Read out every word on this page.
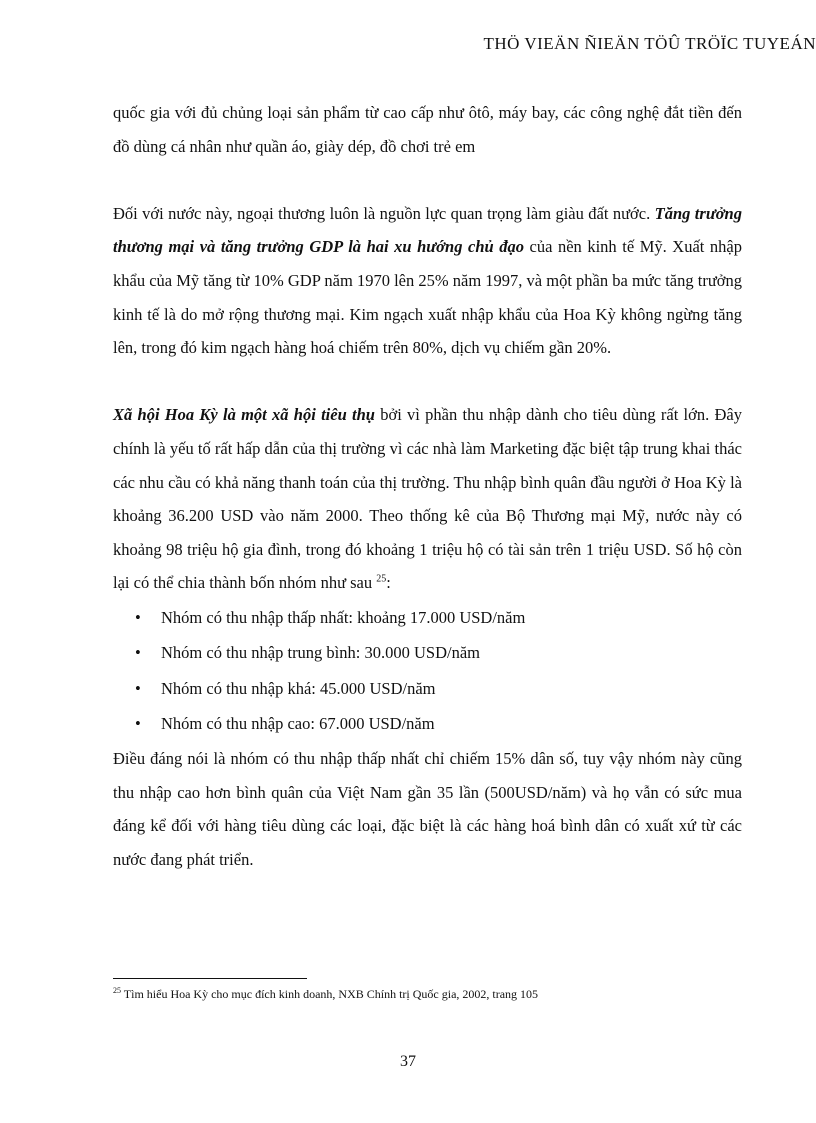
THÖ VIEÄN ÑIEÄN TÖÛ TRÖÏC TUYEÁN

quốc gia với đủ chủng loại sản phẩm từ cao cấp như ôtô, máy bay, các công nghệ đắt tiền đến đồ dùng cá nhân như quần áo, giày dép, đồ chơi trẻ em

Đối với nước này, ngoại thương luôn là nguồn lực quan trọng làm giàu đất nước. Tăng trưởng thương mại và tăng trưởng GDP là hai xu hướng chủ đạo của nền kinh tế Mỹ. Xuất nhập khẩu của Mỹ tăng từ 10% GDP năm 1970 lên 25% năm 1997, và một phần ba mức tăng trưởng kinh tế là do mở rộng thương mại. Kim ngạch xuất nhập khẩu của Hoa Kỳ không ngừng tăng lên, trong đó kim ngạch hàng hoá chiếm trên 80%, dịch vụ chiếm gần 20%.

Xã hội Hoa Kỳ là một xã hội tiêu thụ bởi vì phần thu nhập dành cho tiêu dùng rất lớn. Đây chính là yếu tố rất hấp dẫn của thị trường vì các nhà làm Marketing đặc biệt tập trung khai thác các nhu cầu có khả năng thanh toán của thị trường. Thu nhập bình quân đầu người ở Hoa Kỳ là khoảng 36.200 USD vào năm 2000. Theo thống kê của Bộ Thương mại Mỹ, nước này có khoảng 98 triệu hộ gia đình, trong đó khoảng 1 triệu hộ có tài sản trên 1 triệu USD. Số hộ còn lại có thể chia thành bốn nhóm như sau $^{25}$:

• Nhóm có thu nhập thấp nhất: khoảng 17.000 USD/năm
• Nhóm có thu nhập trung bình: 30.000 USD/năm
• Nhóm có thu nhập khá: 45.000 USD/năm
• Nhóm có thu nhập cao: 67.000 USD/năm

Điều đáng nói là nhóm có thu nhập thấp nhất chỉ chiếm 15% dân số, tuy vậy nhóm này cũng thu nhập cao hơn bình quân của Việt Nam gần 35 lần (500USD/năm) và họ vẫn có sức mua đáng kể đối với hàng tiêu dùng các loại, đặc biệt là các hàng hoá bình dân có xuất xứ từ các nước đang phát triển.

$^{25}$ Tìm hiểu Hoa Kỳ cho mục đích kinh doanh, NXB Chính trị Quốc gia, 2002, trang 105
37
